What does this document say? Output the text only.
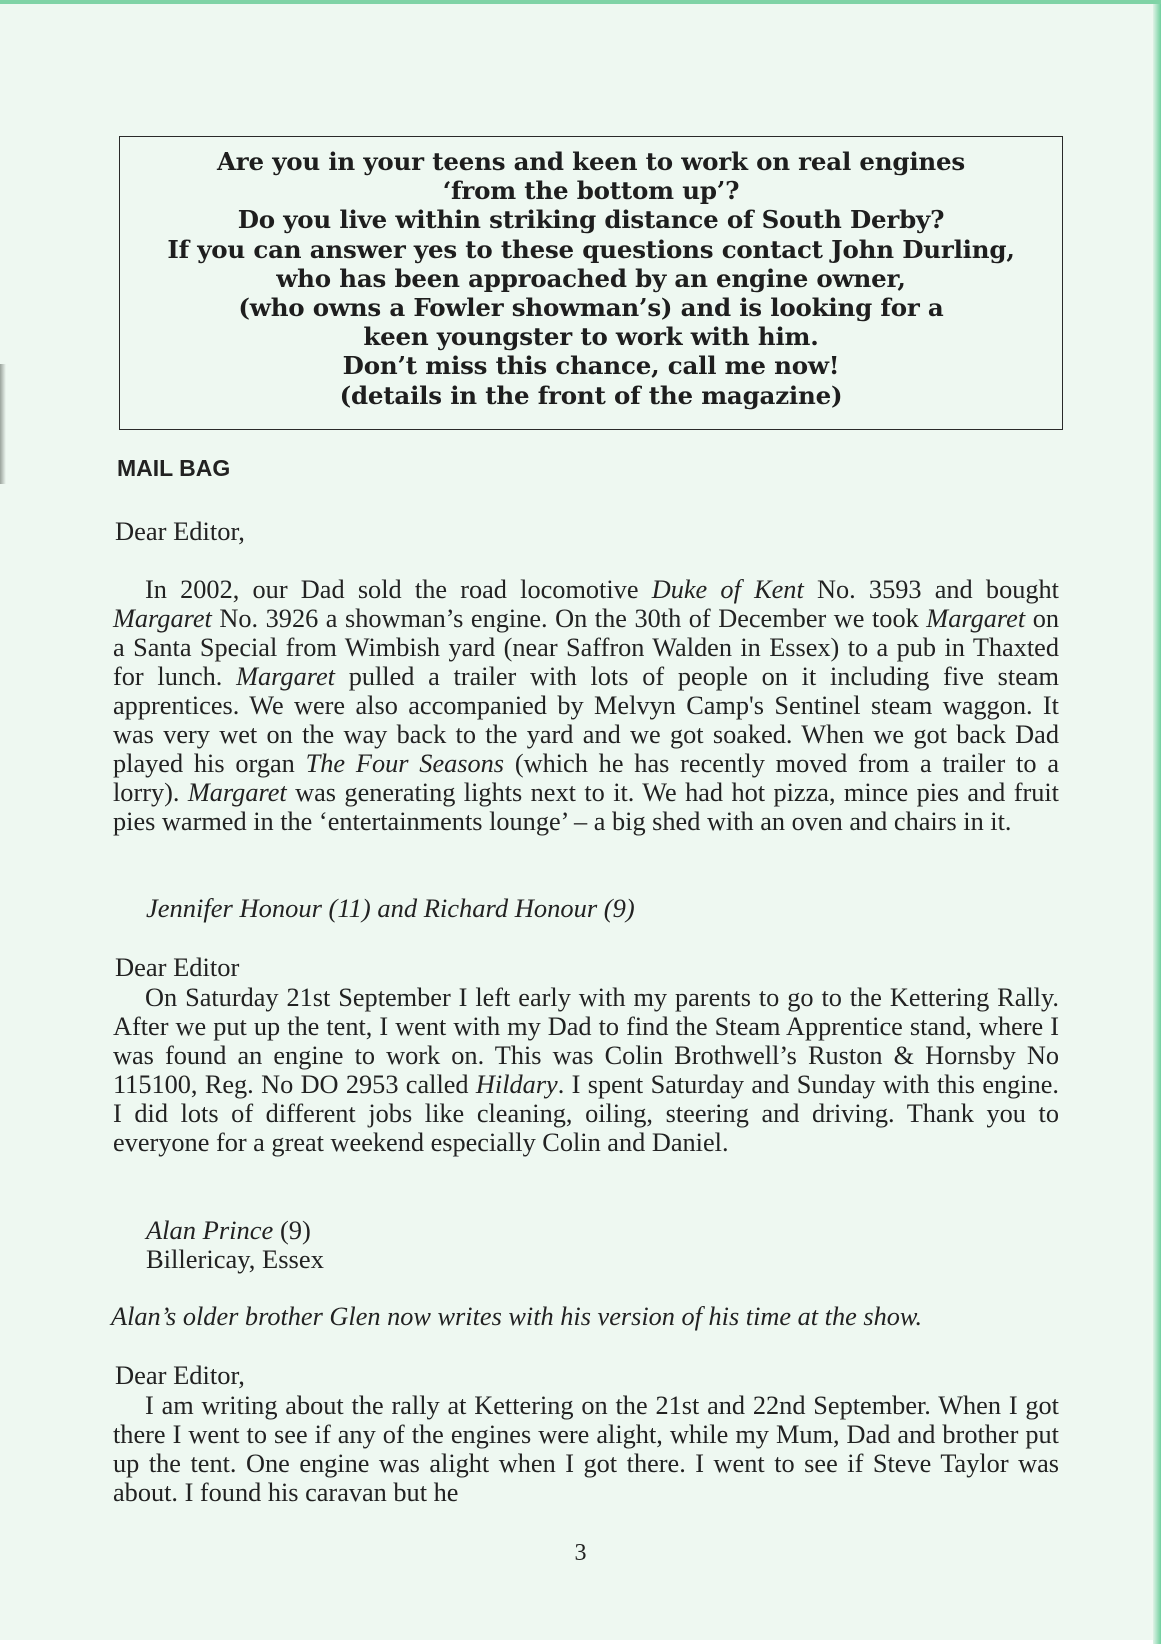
Are you in your teens and keen to work on real engines
‘from the bottom up’?
Do you live within striking distance of South Derby?
If you can answer yes to these questions contact John Durling,
who has been approached by an engine owner,
(who owns a Fowler showman’s) and is looking for a
keen youngster to work with him.
Don’t miss this chance, call me now!
(details in the front of the magazine)
MAIL BAG
Dear Editor,
In 2002, our Dad sold the road locomotive Duke of Kent No. 3593 and bought Margaret No. 3926 a showman’s engine. On the 30th of December we took Margaret on a Santa Special from Wimbish yard (near Saffron Walden in Essex) to a pub in Thaxted for lunch. Margaret pulled a trailer with lots of people on it including five steam apprentices. We were also accompanied by Melvyn Camp's Sentinel steam waggon. It was very wet on the way back to the yard and we got soaked. When we got back Dad played his organ The Four Seasons (which he has recently moved from a trailer to a lorry). Margaret was generating lights next to it. We had hot pizza, mince pies and fruit pies warmed in the ‘entertainments lounge’ – a big shed with an oven and chairs in it.
Jennifer Honour (11) and Richard Honour (9)
Dear Editor
On Saturday 21st September I left early with my parents to go to the Kettering Rally. After we put up the tent, I went with my Dad to find the Steam Apprentice stand, where I was found an engine to work on. This was Colin Brothwell’s Ruston & Hornsby No 115100, Reg. No DO 2953 called Hildary. I spent Saturday and Sunday with this engine. I did lots of different jobs like cleaning, oiling, steering and driving. Thank you to everyone for a great weekend especially Colin and Daniel.
Alan Prince (9)
Billericay, Essex
Alan’s older brother Glen now writes with his version of his time at the show.
Dear Editor,
I am writing about the rally at Kettering on the 21st and 22nd September. When I got there I went to see if any of the engines were alight, while my Mum, Dad and brother put up the tent. One engine was alight when I got there. I went to see if Steve Taylor was about. I found his caravan but he
3
